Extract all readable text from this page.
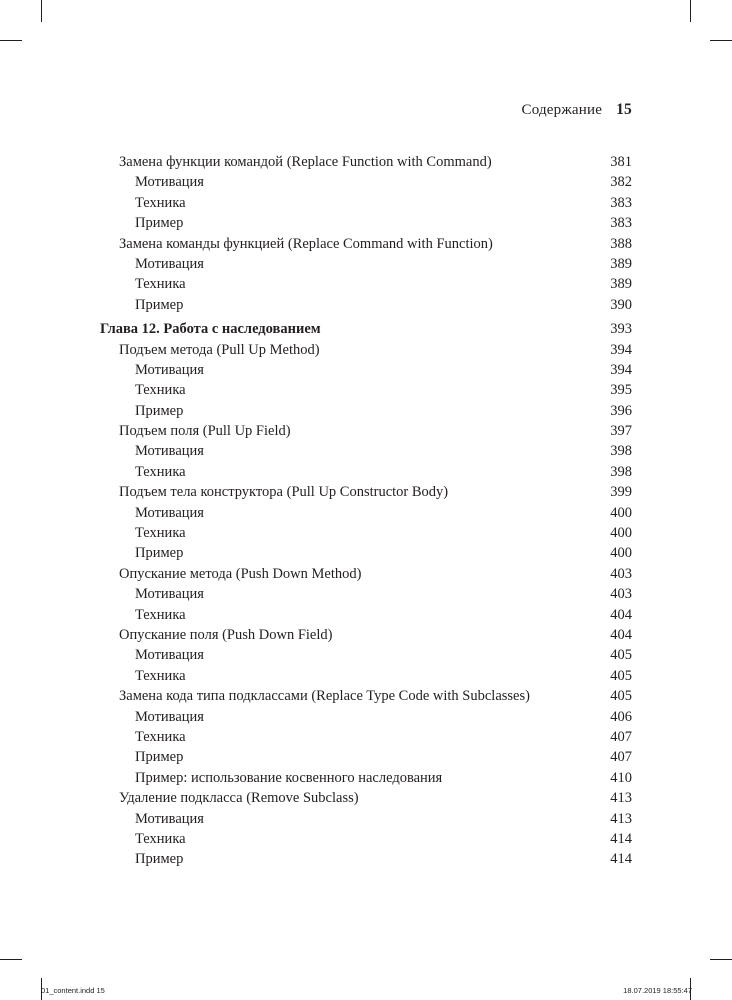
Содержание 15
Замена функции командой (Replace Function with Command)	381
Мотивация	382
Техника	383
Пример	383
Замена команды функцией (Replace Command with Function)	388
Мотивация	389
Техника	389
Пример	390
Глава 12. Работа с наследованием	393
Подъем метода (Pull Up Method)	394
Мотивация	394
Техника	395
Пример	396
Подъем поля (Pull Up Field)	397
Мотивация	398
Техника	398
Подъем тела конструктора (Pull Up Constructor Body)	399
Мотивация	400
Техника	400
Пример	400
Опускание метода (Push Down Method)	403
Мотивация	403
Техника	404
Опускание поля (Push Down Field)	404
Мотивация	405
Техника	405
Замена кода типа подклассами (Replace Type Code with Subclasses)	405
Мотивация	406
Техника	407
Пример	407
Пример: использование косвенного наследования	410
Удаление подкласса (Remove Subclass)	413
Мотивация	413
Техника	414
Пример	414
01_content.indd 15	18.07.2019 18:55:47
